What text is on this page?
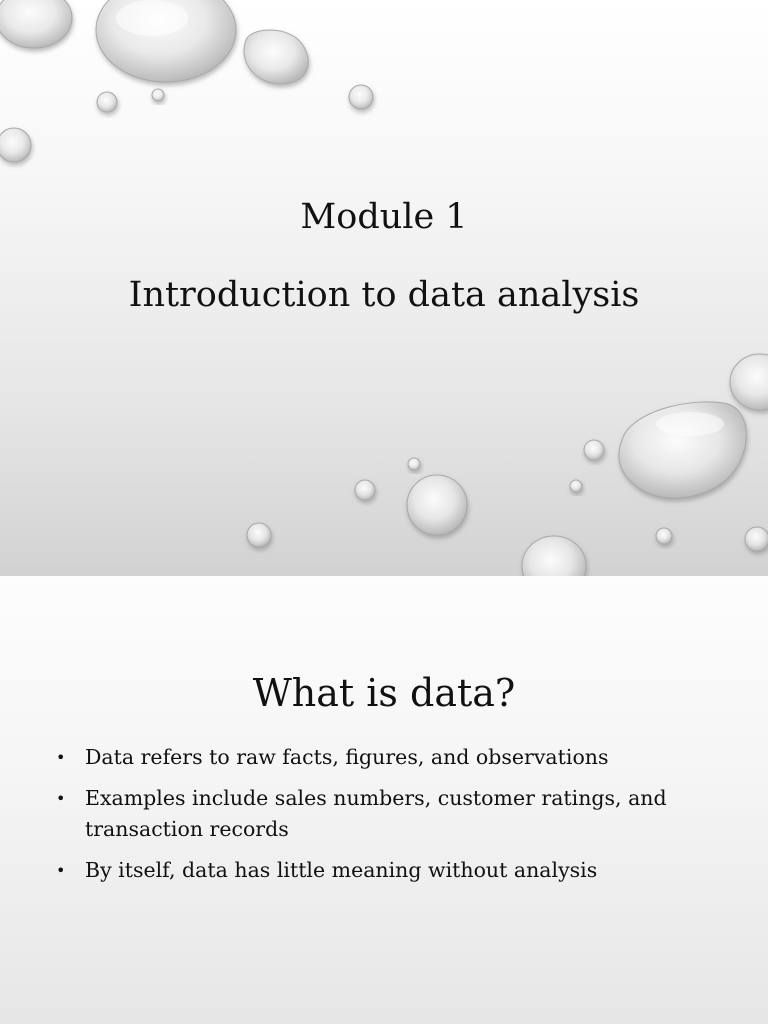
Module 1
Introduction to data analysis
What is data?
• Data refers to raw facts, figures, and observations
• Examples include sales numbers, customer ratings, and transaction records
• By itself, data has little meaning without analysis
